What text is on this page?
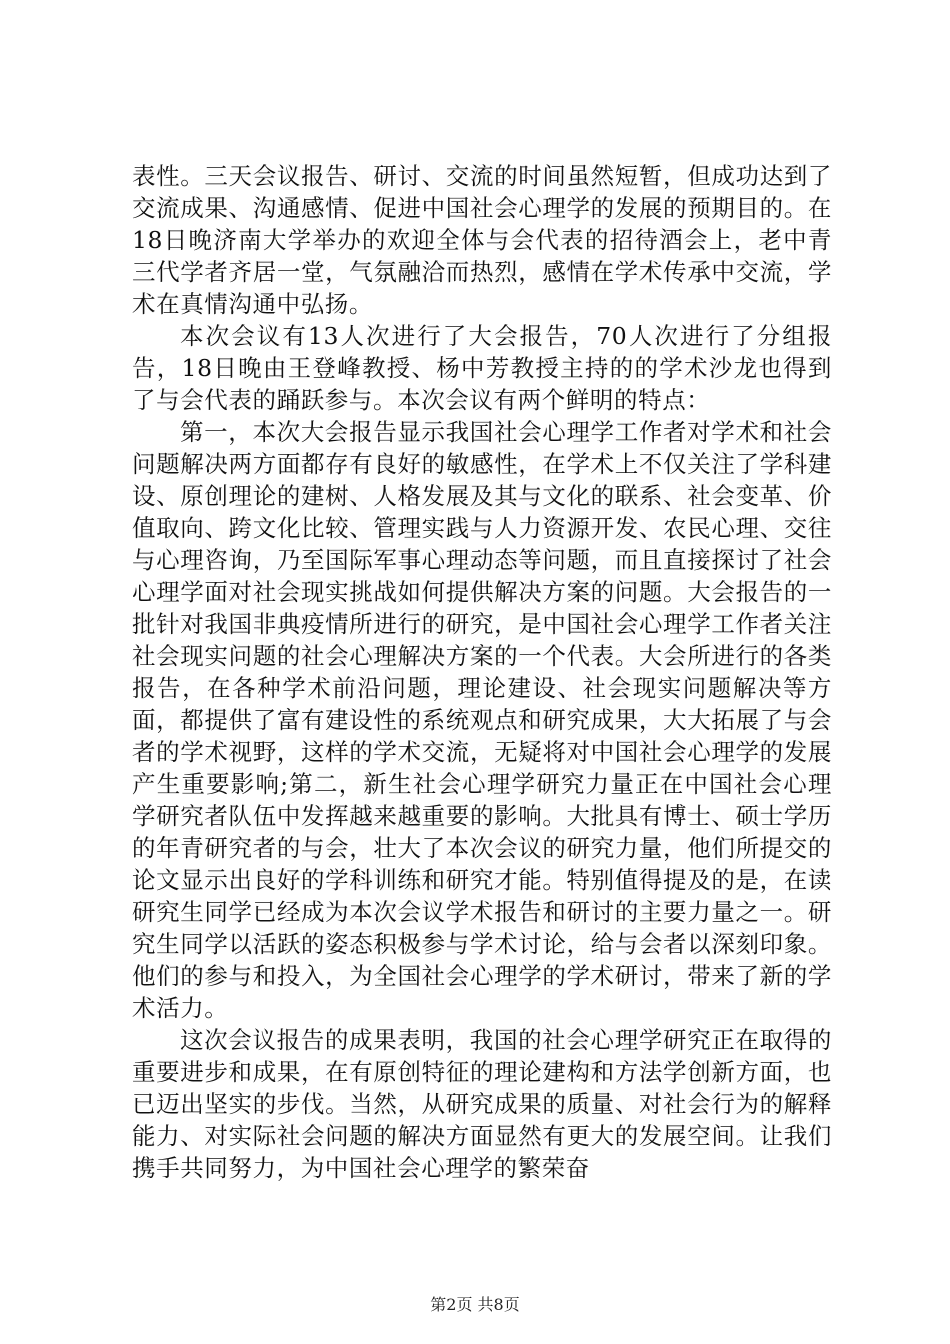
表性。三天会议报告、研讨、交流的时间虽然短暂，但成功达到了交流成果、沟通感情、促进中国社会心理学的发展的预期目的。在18日晚济南大学举办的欢迎全体与会代表的招待酒会上，老中青三代学者齐居一堂，气氛融洽而热烈，感情在学术传承中交流，学术在真情沟通中弘扬。

本次会议有13人次进行了大会报告，70人次进行了分组报告，18日晚由王登峰教授、杨中芳教授主持的的学术沙龙也得到了与会代表的踊跃参与。本次会议有两个鲜明的特点：

第一，本次大会报告显示我国社会心理学工作者对学术和社会问题解决两方面都存有良好的敏感性，在学术上不仅关注了学科建设、原创理论的建树、人格发展及其与文化的联系、社会变革、价值取向、跨文化比较、管理实践与人力资源开发、农民心理、交往与心理咨询，乃至国际军事心理动态等问题，而且直接探讨了社会心理学面对社会现实挑战如何提供解决方案的问题。大会报告的一批针对我国非典疫情所进行的研究，是中国社会心理学工作者关注社会现实问题的社会心理解决方案的一个代表。大会所进行的各类报告，在各种学术前沿问题，理论建设、社会现实问题解决等方面，都提供了富有建设性的系统观点和研究成果，大大拓展了与会者的学术视野，这样的学术交流，无疑将对中国社会心理学的发展产生重要影响;第二，新生社会心理学研究力量正在中国社会心理学研究者队伍中发挥越来越重要的影响。大批具有博士、硕士学历的年青研究者的与会，壮大了本次会议的研究力量，他们所提交的论文显示出良好的学科训练和研究才能。特别值得提及的是，在读研究生同学已经成为本次会议学术报告和研讨的主要力量之一。研究生同学以活跃的姿态积极参与学术讨论，给与会者以深刻印象。他们的参与和投入，为全国社会心理学的学术研讨，带来了新的学术活力。

这次会议报告的成果表明，我国的社会心理学研究正在取得的重要进步和成果，在有原创特征的理论建构和方法学创新方面，也已迈出坚实的步伐。当然，从研究成果的质量、对社会行为的解释能力、对实际社会问题的解决方面显然有更大的发展空间。让我们携手共同努力，为中国社会心理学的繁荣奋

第2页 共8页
